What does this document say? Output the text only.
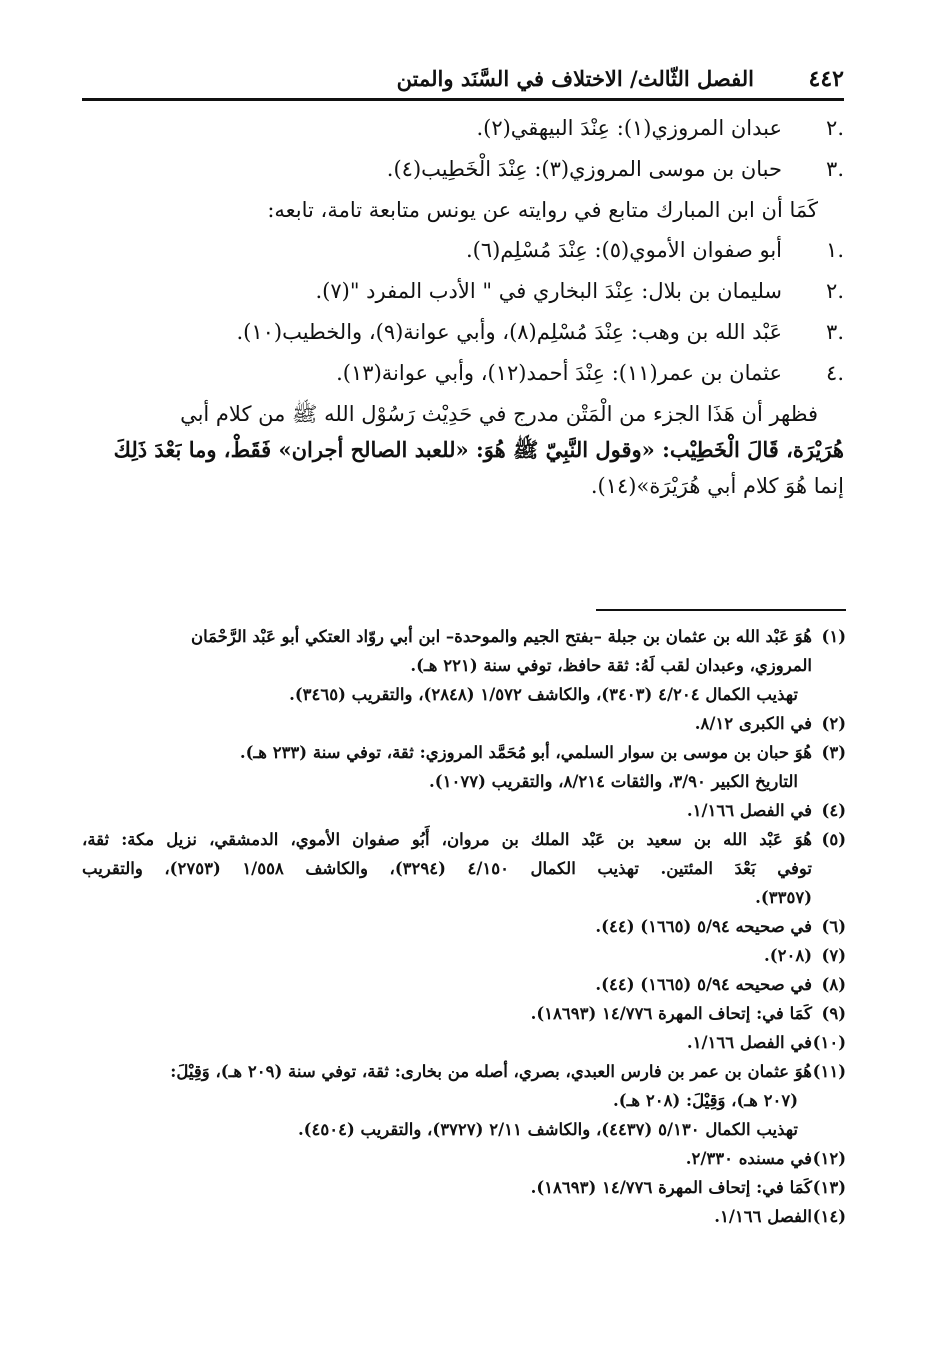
الفصل الثّالث/ الاختلاف في السَّنَد والمتن ٤٤٢
.٢
عبدان المروزي(١): عِنْدَ البيهقي(٢).
.٣
حبان بن موسى المروزي(٣): عِنْدَ الْخَطِيب(٤).
كَمَا أن ابن المبارك متابع في روايته عن يونس متابعة تامة، تابعه:
.١
أبو صفوان الأموي(٥): عِنْدَ مُسْلِم(٦).
.٢
سليمان بن بلال: عِنْدَ البخاري في " الأدب المفرد "(٧).
.٣
عَبْد الله بن وهب: عِنْدَ مُسْلِم(٨)، وأبي عوانة(٩)، والخطيب(١٠).
.٤
عثمان بن عمر(١١): عِنْدَ أحمد(١٢)، وأبي عوانة(١٣).
فظهر أن هَذَا الجزء من الْمَتْن مدرج في حَدِيْث رَسُوْل الله ﷺ من كلام أبي
هُرَيْرَة، قَالَ الْخَطِيْب: «وقول النَّبِيّ ﷺ هُوَ: «للعبد الصالح أجران» فَقَطْ، وما بَعْدَ ذَلِكَ
إنما هُوَ كلام أبي هُرَيْرَة»(١٤).
(١)
هُوَ عَبْد الله بن عثمان بن جبلة –بفتح الجيم والموحدة– ابن أبي روّاد العتكي أبو عَبْد الرَّحْمَان
المروزي، وعبدان لقب لَهُ: ثقة حافظ، توفي سنة (٢٢١ هـ).
تهذيب الكمال ٤/٢٠٤ (٣٤٠٣)، والكاشف ١/٥٧٢ (٢٨٤٨)، والتقريب (٣٤٦٥).
(٢)
في الكبرى ٨/١٢.
(٣)
هُوَ حبان بن موسى بن سوار السلمي، أبو مُحَمَّد المروزي: ثقة، توفي سنة (٢٣٣ هـ).
التاريخ الكبير ٣/٩٠، والثقات ٨/٢١٤، والتقريب (١٠٧٧).
(٤)
في الفصل ١/١٦٦.
(٥)
هُوَ عَبْد الله بن سعيد بن عَبْد الملك بن مروان، أَبُو صفوان الأموي، الدمشقي، نزيل مكة: ثقة،
توفي بَعْدَ المئتين. تهذيب الكمال ٤/١٥٠ (٣٢٩٤)، والكاشف ١/٥٥٨ (٢٧٥٣)، والتقريب
(٣٣٥٧).
(٦)
في صحيحه ٥/٩٤ (١٦٦٥) (٤٤).
(٧)
(٢٠٨).
(٨)
في صحيحه ٥/٩٤ (١٦٦٥) (٤٤).
(٩)
كَمَا في: إتحاف المهرة ١٤/٧٧٦ (١٨٦٩٣).
(١٠)
في الفصل ١/١٦٦.
(١١)
هُوَ عثمان بن عمر بن فارس العبدي، بصري، أصله من بخارى: ثقة، توفي سنة (٢٠٩ هـ)، وَقِيْلَ:
(٢٠٧ هـ)، وَقِيْلَ: (٢٠٨ هـ).
تهذيب الكمال ٥/١٣٠ (٤٤٣٧)، والكاشف ٢/١١ (٣٧٢٧)، والتقريب (٤٥٠٤).
(١٢)
في مسنده ٢/٣٣٠.
(١٣)
كَمَا في: إتحاف المهرة ١٤/٧٧٦ (١٨٦٩٣).
(١٤)
الفصل ١/١٦٦.
